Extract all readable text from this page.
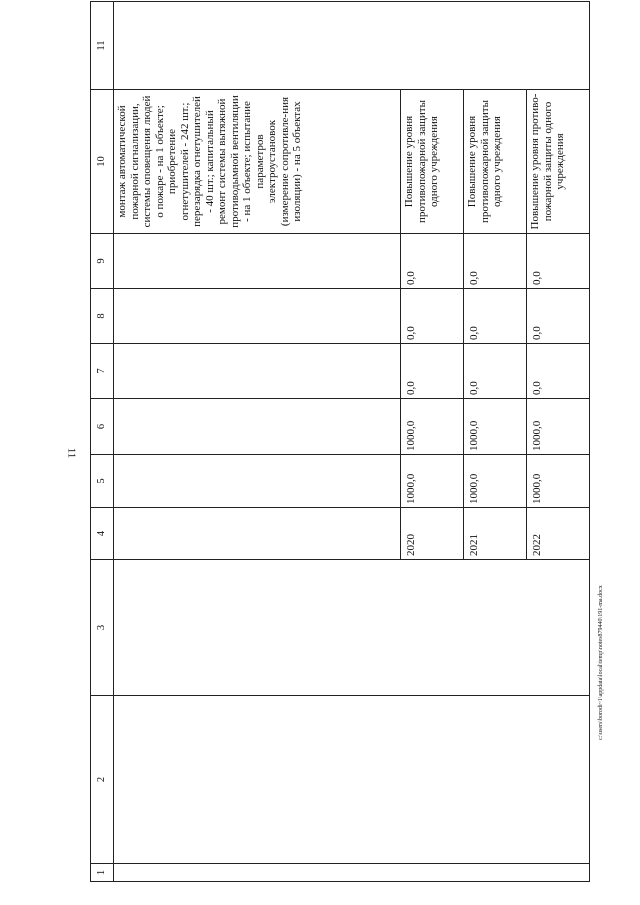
11
1	2	3	4	5	6	7	8	9	10	11
									монтаж автоматической пожарной сигнализации, системы оповещения людей о пожаре - на 1 объекте; приобретение огнетушителей - 242 шт.; перезарядка огнетушителей - 40 шт.; капитальный ремонт системы вытяжной противодымной вентиляции - на 1 объекте; испытание параметров электроустановок (измерение сопротивле-ния изоляции) - на 5 объектах	
			2020	1000,0	1000,0	0,0	0,0	0,0	Повышение уровня противопожарной защиты одного учреждения	
			2021	1000,0	1000,0	0,0	0,0	0,0	Повышение уровня противопожарной защиты одного учреждения	
			2022	1000,0	1000,0	0,0	0,0	0,0	Повышение уровня противо-пожарной защиты одного учреждения	
c:\users\borodi~1\appdata\local\temp\notes879440\191-ma.docx
